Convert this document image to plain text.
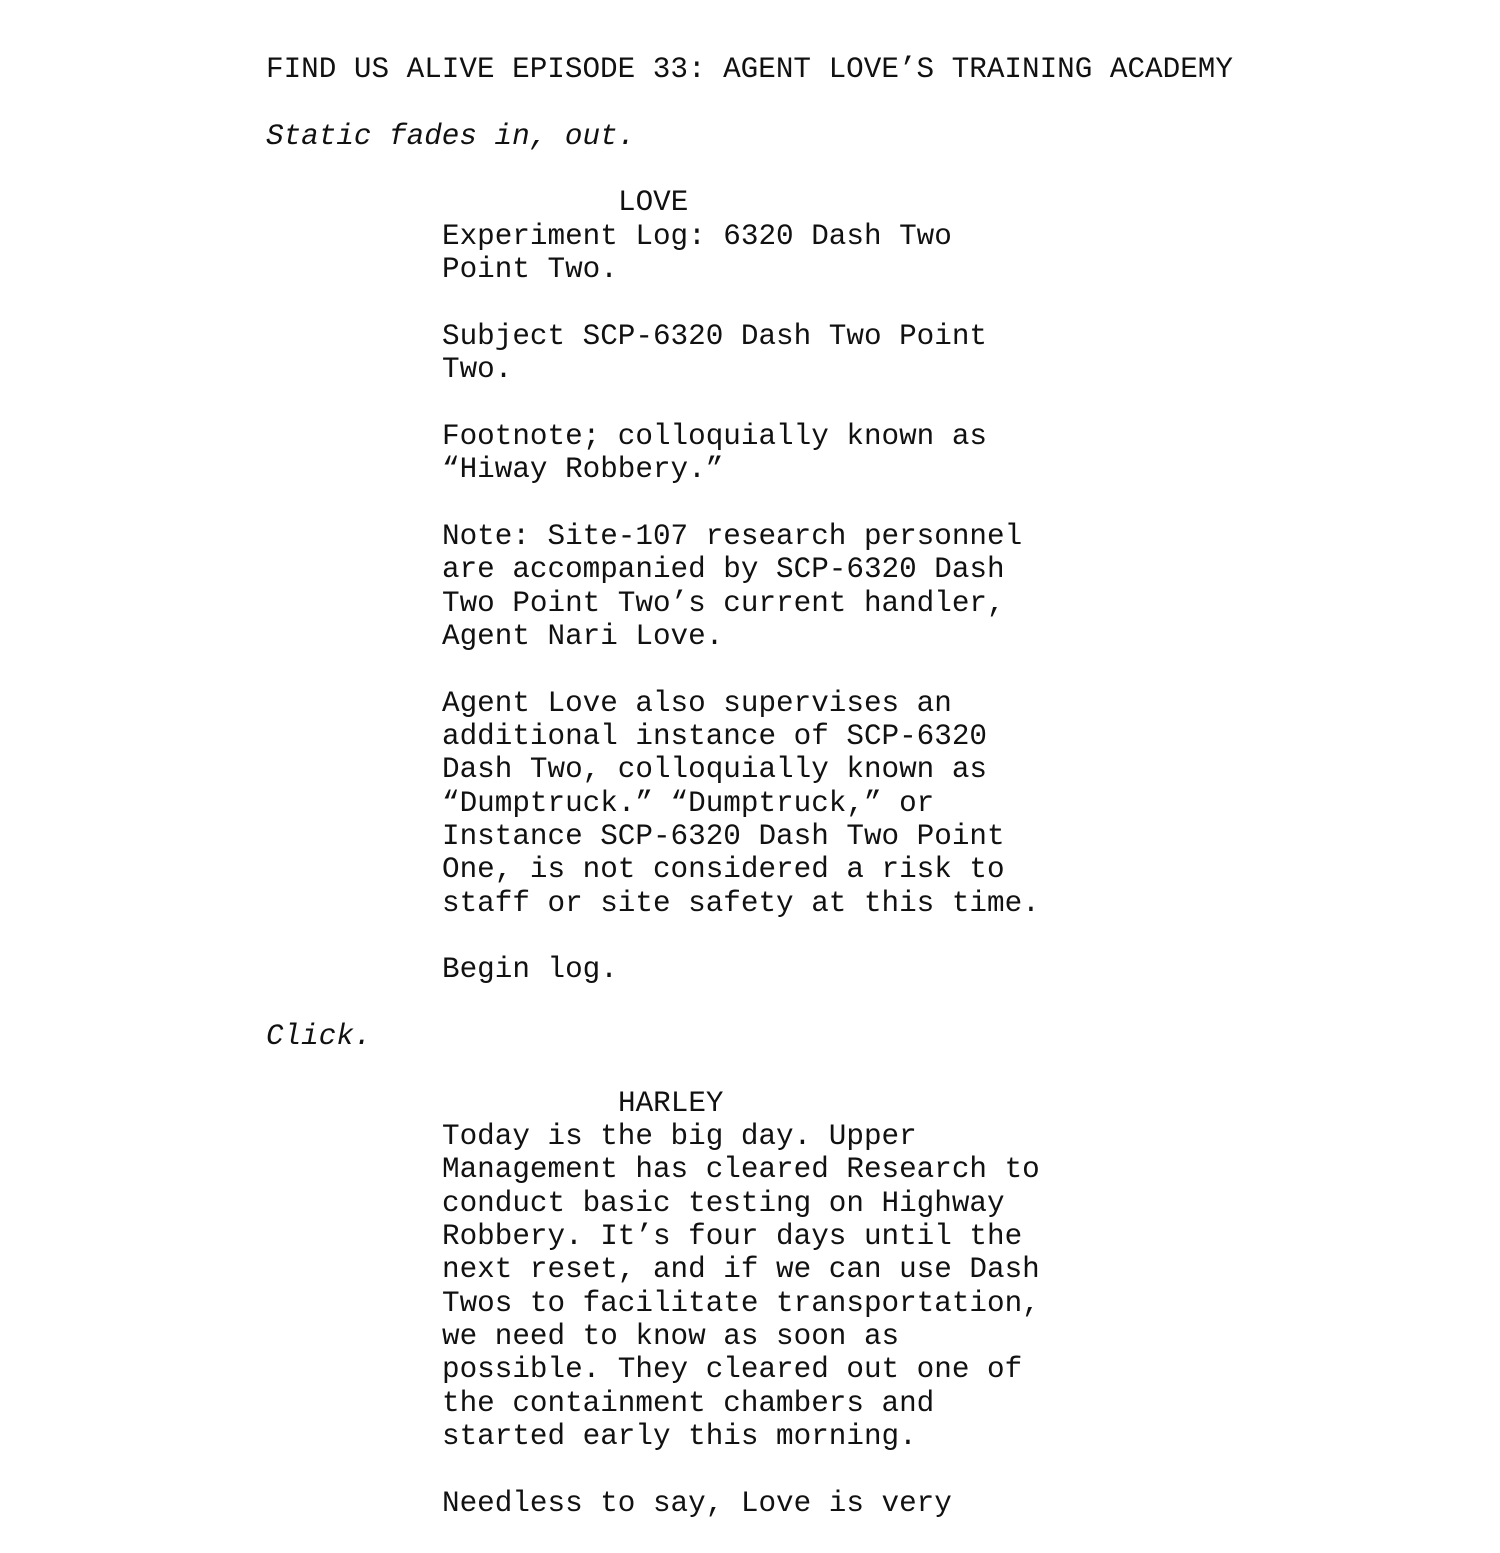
FIND US ALIVE EPISODE 33: AGENT LOVE’S TRAINING ACADEMY
Static fades in, out.
LOVE
Experiment Log: 6320 Dash Two
Point Two.
Subject SCP-6320 Dash Two Point
Two.
Footnote; colloquially known as
“Hiway Robbery.”
Note: Site-107 research personnel
are accompanied by SCP-6320 Dash
Two Point Two’s current handler,
Agent Nari Love.
Agent Love also supervises an
additional instance of SCP-6320
Dash Two, colloquially known as
“Dumptruck.” “Dumptruck,” or
Instance SCP-6320 Dash Two Point
One, is not considered a risk to
staff or site safety at this time.
Begin log.
Click.
HARLEY
Today is the big day. Upper
Management has cleared Research to
conduct basic testing on Highway
Robbery. It’s four days until the
next reset, and if we can use Dash
Twos to facilitate transportation,
we need to know as soon as
possible. They cleared out one of
the containment chambers and
started early this morning.
Needless to say, Love is very
